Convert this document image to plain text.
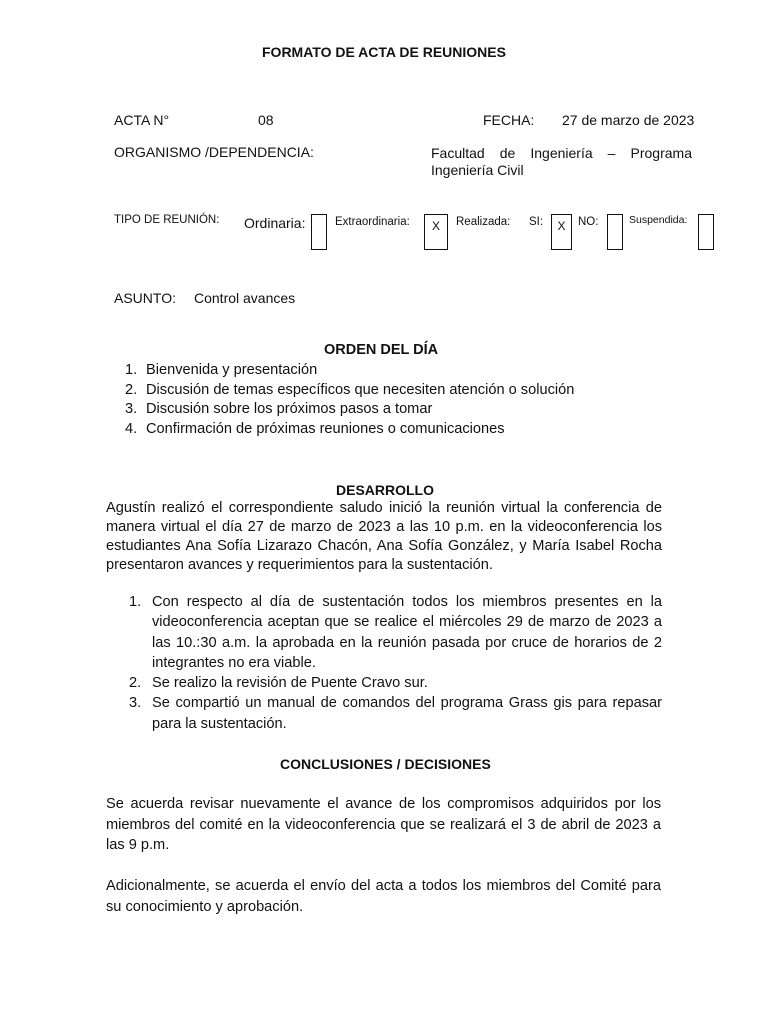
FORMATO DE ACTA DE REUNIONES
ACTA N°	08	FECHA: 27 de marzo de 2023
ORGANISMO /DEPENDENCIA:	Facultad de Ingeniería – Programa
Ingeniería Civil
TIPO DE REUNIÓN: Ordinaria:	Extraordinaria:	X	Realizada: SI:	X	NO:	Suspendida:
ASUNTO: Control avances
ORDEN DEL DÍA
1. Bienvenida y presentación
2. Discusión de temas específicos que necesiten atención o solución
3. Discusión sobre los próximos pasos a tomar
4. Confirmación de próximas reuniones o comunicaciones
DESARROLLO
Agustín realizó el correspondiente saludo inició la reunión virtual la conferencia de
manera virtual el día 27 de marzo de 2023 a las 10 p.m. en la videoconferencia los
estudiantes Ana Sofía Lizarazo Chacón, Ana Sofía González, y María Isabel Rocha
presentaron avances y requerimientos para la sustentación.
1. Con respecto al día de sustentación todos los miembros presentes en la
videoconferencia aceptan que se realice el miércoles 29 de marzo de 2023 a
las 10.:30 a.m. la aprobada en la reunión pasada por cruce de horarios de 2
integrantes no era viable.
2. Se realizo la revisión de Puente Cravo sur.
3. Se compartió un manual de comandos del programa Grass gis para repasar
para la sustentación.
CONCLUSIONES / DECISIONES
Se acuerda revisar nuevamente el avance de los compromisos adquiridos por los
miembros del comité en la videoconferencia que se realizará el 3 de abril de 2023 a
las 9 p.m.
Adicionalmente, se acuerda el envío del acta a todos los miembros del Comité para
su conocimiento y aprobación.
